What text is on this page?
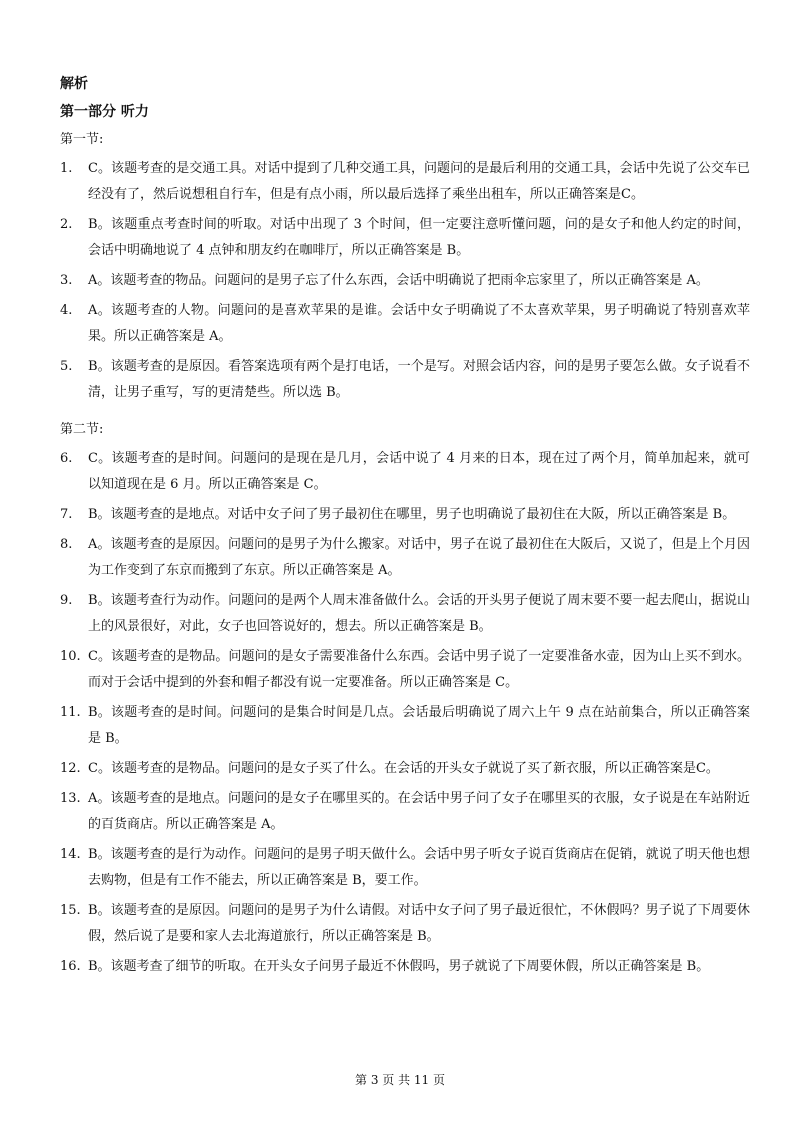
解析
第一部分 听力
第一节:
1.	C。该题考查的是交通工具。对话中提到了几种交通工具，问题问的是最后利用的交通工具，会话中先说了公交车已经没有了，然后说想租自行车，但是有点小雨，所以最后选择了乘坐出租车，所以正确答案是C。
2.	B。该题重点考查时间的听取。对话中出现了 3 个时间，但一定要注意听懂问题，问的是女子和他人约定的时间，会话中明确地说了 4 点钟和朋友约在咖啡厅，所以正确答案是 B。
3.	A。该题考查的物品。问题问的是男子忘了什么东西，会话中明确说了把雨伞忘家里了，所以正确答案是 A。
4.	A。该题考查的人物。问题问的是喜欢苹果的是谁。会话中女子明确说了不太喜欢苹果，男子明确说了特别喜欢苹果。所以正确答案是 A。
5.	B。该题考查的是原因。看答案选项有两个是打电话，一个是写。对照会话内容，问的是男子要怎么做。女子说看不清，让男子重写，写的更清楚些。所以选 B。
第二节:
6.	C。该题考查的是时间。问题问的是现在是几月，会话中说了 4 月来的日本，现在过了两个月，简单加起来，就可以知道现在是 6 月。所以正确答案是 C。
7.	B。该题考查的是地点。对话中女子问了男子最初住在哪里，男子也明确说了最初住在大阪，所以正确答案是 B。
8.	A。该题考查的是原因。问题问的是男子为什么搬家。对话中，男子在说了最初住在大阪后，又说了，但是上个月因为工作变到了东京而搬到了东京。所以正确答案是 A。
9.	B。该题考查行为动作。问题问的是两个人周末准备做什么。会话的开头男子便说了周末要不要一起去爬山，据说山上的风景很好，对此，女子也回答说好的，想去。所以正确答案是 B。
10. C。该题考查的是物品。问题问的是女子需要准备什么东西。会话中男子说了一定要准备水壶，因为山上买不到水。而对于会话中提到的外套和帽子都没有说一定要准备。所以正确答案是 C。
11. B。该题考查的是时间。问题问的是集合时间是几点。会话最后明确说了周六上午 9 点在站前集合，所以正确答案是 B。
12. C。该题考查的是物品。问题问的是女子买了什么。在会话的开头女子就说了买了新衣服，所以正确答案是C。
13. A。该题考查的是地点。问题问的是女子在哪里买的。在会话中男子问了女子在哪里买的衣服，女子说是在车站附近的百货商店。所以正确答案是 A。
14. B。该题考查的是行为动作。问题问的是男子明天做什么。会话中男子听女子说百货商店在促销，就说了明天他也想去购物，但是有工作不能去，所以正确答案是 B，要工作。
15. B。该题考查的是原因。问题问的是男子为什么请假。对话中女子问了男子最近很忙，不休假吗？男子说了下周要休假，然后说了是要和家人去北海道旅行，所以正确答案是 B。
16. B。该题考查了细节的听取。在开头女子问男子最近不休假吗，男子就说了下周要休假，所以正确答案是 B。
第 3 页 共 11 页
